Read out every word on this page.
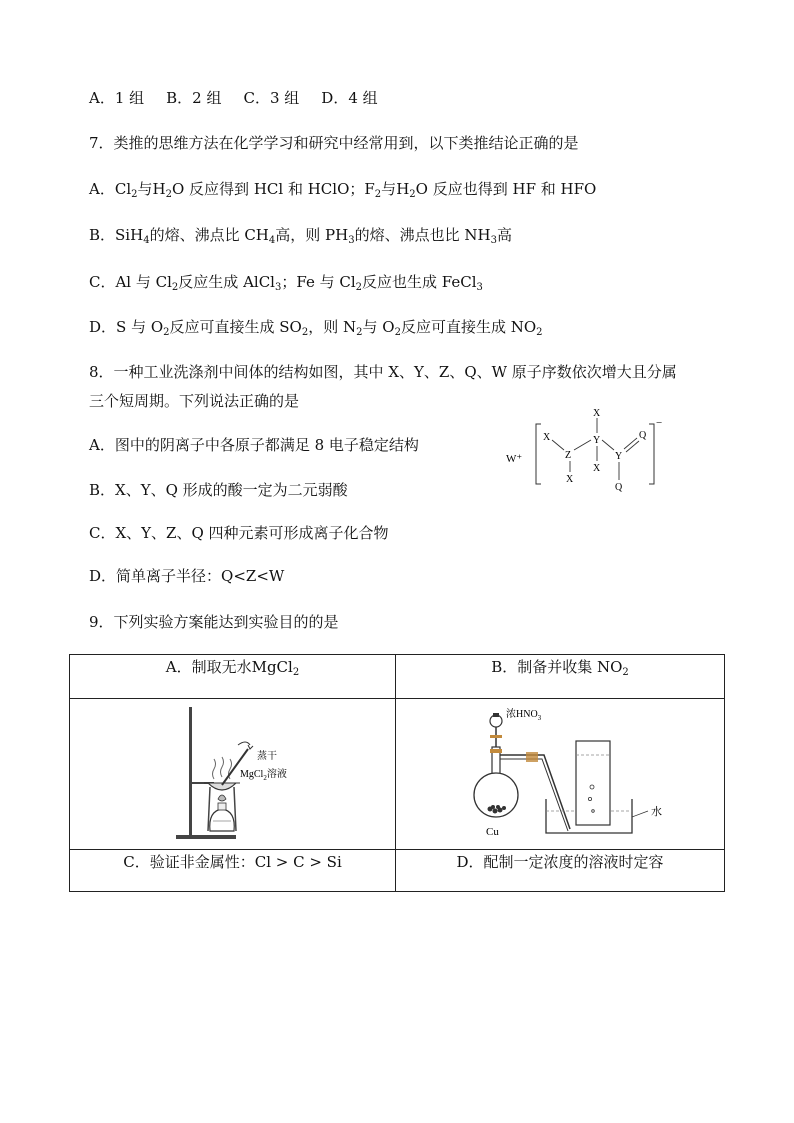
A．1 组 B．2 组 C．3 组 D．4 组
7．类推的思维方法在化学学习和研究中经常用到，以下类推结论正确的是
A．$Cl_2$与$H_2O$ 反应得到 HCl 和 HClO；$F_2$与$H_2O$ 反应也得到 HF 和 HFO
B．SiH$_4$的熔、沸点比 $CH_4$高，则 $PH_3$的熔、沸点也比 $NH_3$高
C．Al 与 $Cl_2$反应生成 AlCl$_3$；Fe 与 $Cl_2$反应也生成 FeCl$_3$
D．S 与 $O_2$反应可直接生成 $SO_2$，则 $N_2$与 $O_2$反应可直接生成 $NO_2$
8．一种工业洗涤剂中间体的结构如图，其中 X、Y、Z、Q、W 原子序数依次增大且分属
三个短周期。下列说法正确的是
A．图中的阴离子中各原子都满足 8 电子稳定结构
B．X、Y、Q 形成的酸一定为二元弱酸
C．X、Y、Z、Q 四种元素可形成离子化合物
D．简单离子半径：Q<Z<W
W⁺
−
X
Z
X
X
Y
X
Y
Q
Q
9．下列实验方案能达到实验目的的是
A．制取无水MgCl$_2$	B．制备并收集 $NO_2$

蒸干
MgCl$_2$溶液	浓$HNO_3$
Cu
水

C．验证非金属性：Cl > C > Si	D．配制一定浓度的溶液时定容
